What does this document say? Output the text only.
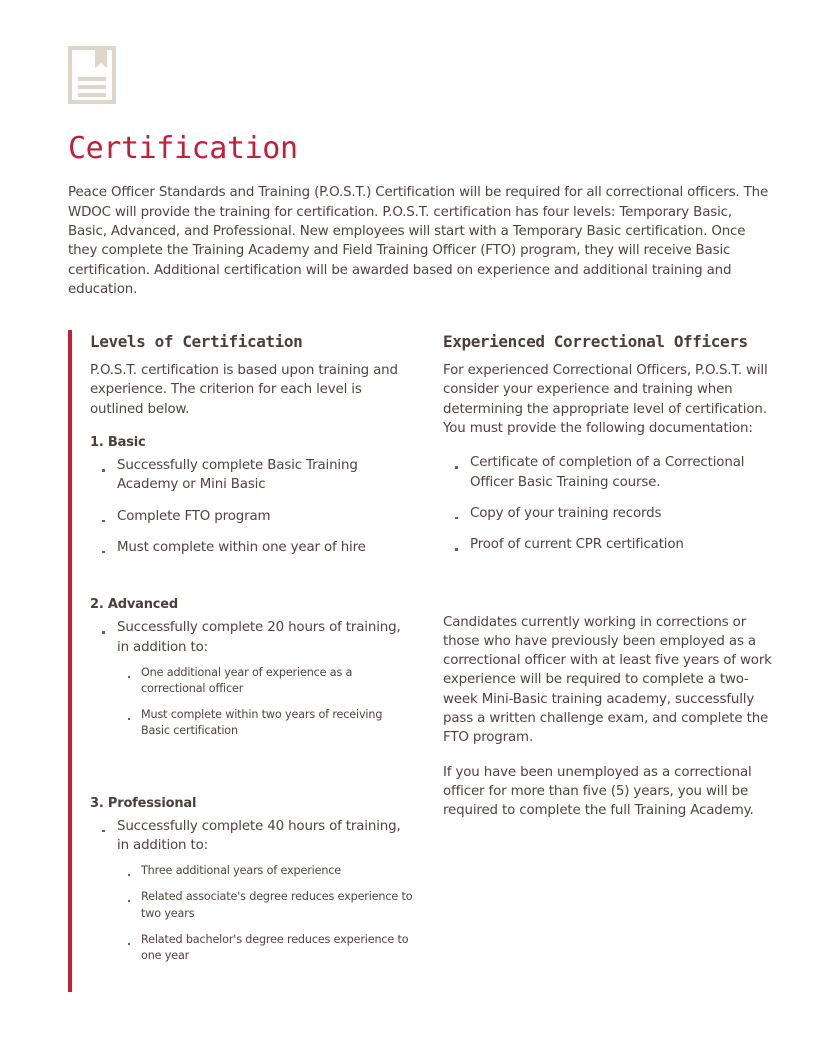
Certification

Peace Officer Standards and Training (P.O.S.T.) Certification will be required for all correctional officers. The WDOC will provide the training for certification. P.O.S.T. certification has four levels: Temporary Basic, Basic, Advanced, and Professional. New employees will start with a Temporary Basic certification. Once they complete the Training Academy and Field Training Officer (FTO) program, they will receive Basic certification. Additional certification will be awarded based on experience and additional training and education.

Levels of Certification

P.O.S.T. certification is based upon training and experience. The criterion for each level is outlined below.

1. Basic
Successfully complete Basic Training Academy or Mini Basic
Complete FTO program
Must complete within one year of hire
2. Advanced
Successfully complete 20 hours of training, in addition to:
One additional year of experience as a correctional officer
Must complete within two years of receiving Basic certification
3. Professional
Successfully complete 40 hours of training, in addition to:
Three additional years of experience
Related associate's degree reduces experience to two years
Related bachelor's degree reduces experience to one year
Experienced Correctional Officers

For experienced Correctional Officers, P.O.S.T. will consider your experience and training when determining the appropriate level of certification. You must provide the following documentation:

Certificate of completion of a Correctional Officer Basic Training course.
Copy of your training records
Proof of current CPR certification

Candidates currently working in corrections or those who have previously been employed as a correctional officer with at least five years of work experience will be required to complete a two-week Mini-Basic training academy, successfully pass a written challenge exam, and complete the FTO program.

If you have been unemployed as a correctional officer for more than five (5) years, you will be required to complete the full Training Academy.
